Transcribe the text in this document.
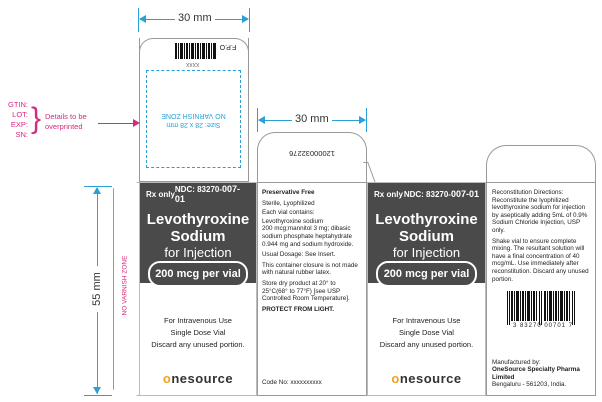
30 mm
F.P.O
XXXX
Size: 28 x 28 mm
NO VARNISH ZONE
GTIN:
LOT:
EXP:
SN: } Details to be overprinted
30 mm
12000032276
55 mm	NO VARNISH ZONE
Rx only NDC: 83270-007-01
Levothyroxine
Sodium
for Injection
200 mcg per vial
For Intravenous Use
Single Dose Vial
Discard any unused portion.
onesource

Preservative Free

Sterile, Lyophilized

Each vial contains:

Levothyroxine sodium

200 mcg;mannitol 3 mg; dibasic sodium phosphate heptahydrate 0.944 mg and sodium hydroxide.

Usual Dosage: See Insert.

This container closure is not made with natural rubber latex.

Store dry product at 20° to 25°C(68° to 77°F) [see USP Controlled Room Temperature].

PROTECT FROM LIGHT.

Code No: xxxxxxxxxx
Rx only NDC: 83270-007-01
Levothyroxine
Sodium
for Injection
200 mcg per vial
For Intravenous Use
Single Dose Vial
Discard any unused portion.
onesource

Reconstitution Directions: Reconstitute the lyophilized levothyroxine sodium for injection by aseptically adding 5mL of 0.9% Sodium Chloride Injection, USP only.

Shake vial to ensure complete mixing. The resultant solution will have a final concentration of 40 mcg/mL. Use immediately after reconstitution. Discard any unused portion.

3 83270 00701 7
Manufactured by:
OneSource Specialty Pharma Limited
Bengaluru - 561203, India.
